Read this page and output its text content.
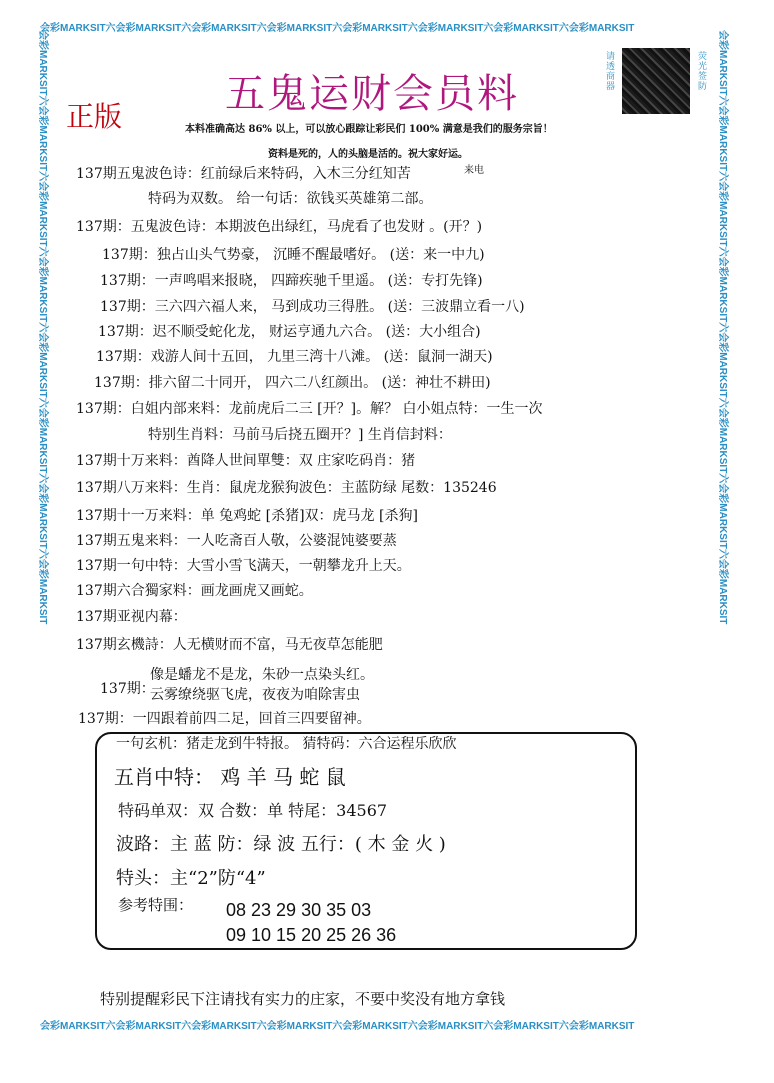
会彩MARKSIT六会彩MARKSIT六会彩MARKSIT六会彩MARKSIT六会彩MARKSIT六会彩MARKSIT六会彩MARKSIT六会彩MARKSIT
会彩MARKSIT六会彩MARKSIT六会彩MARKSIT六会彩MARKSIT六会彩MARKSIT六会彩MARKSIT六会彩MARKSIT六会彩MARKSIT
会彩MARKSIT六会彩MARKSIT六会彩MARKSIT六会彩MARKSIT六会彩MARKSIT六会彩MARKSIT六会彩MARKSIT六会彩MARKSIT	会彩MARKSIT六会彩MARKSIT六会彩MARKSIT六会彩MARKSIT六会彩MARKSIT六会彩MARKSIT六会彩MARKSIT六会彩MARKSIT
五鬼运财会员料
正版
请透商器
荧光签防
本料准确高达 86% 以上，可以放心跟踪让彩民们 100% 满意是我们的服务宗旨！
资料是死的，人的头脑是活的。祝大家好运。
137期五鬼波色诗：红前绿后来特码，入木三分红知苦	来电
特码为双数。 给一句话：欲钱买英雄第二部。
137期：五鬼波色诗：本期波色出绿红，马虎看了也发财 。(开？)
137期：独占山头气势豪， 沉睡不醒最嗜好。 (送：来一中九)
137期：一声鸣唱来报晓， 四蹄疾驰千里遥。 (送：专打先锋)
137期：三六四六福人来， 马到成功三得胜。 (送：三波鼎立看一八)
137期：迟不顺受蛇化龙， 财运亨通九六合。 (送：大小组合)
137期：戏游人间十五回， 九里三湾十八滩。 (送：鼠洞一湖天)
137期：排六留二十同开， 四六二八红颜出。 (送：神壮不耕田)
137期：白姐内部来料：龙前虎后二三 [开？]。解？ 白小姐点特：一生一次
特别生肖料：马前马后挠五圈开？] 生肖信封料：
137期十万来料：酋降人世间單雙：双 庄家吃码肖：猪
137期八万来料：生肖：鼠虎龙猴狗波色：主蓝防绿 尾数：135246
137期十一万来料：单 兔鸡蛇 [杀猪]双：虎马龙 [杀狗]
137期五鬼来料：一人吃斋百人敬，公婆混饨婆要蒸
137期一句中特：大雪小雪飞满天，一朝攀龙升上天。
137期六合獨家料：画龙画虎又画蛇。
137期亚视内幕：
137期玄機詩：人无横财而不富，马无夜草怎能肥
像是蟠龙不是龙，朱砂一点染头红。
137期：
云雾缭绕驱飞虎，夜夜为咱除害虫
137期：一四跟着前四二足，回首三四要留神。
一句玄机：猪走龙到牛特报。 猜特码：六合运程乐欣欣
五肖中特： 鸡 羊 马 蛇 鼠
特码单双：双 合数：单 特尾：34567
波路：主 蓝 防：绿 波 五行：( 木 金 火 )
特头：主“2”防“4”
参考特围： 08 23 29 30 35 03
09 10 15 20 25 26 36
特别提醒彩民下注请找有实力的庄家，不要中奖没有地方拿钱
